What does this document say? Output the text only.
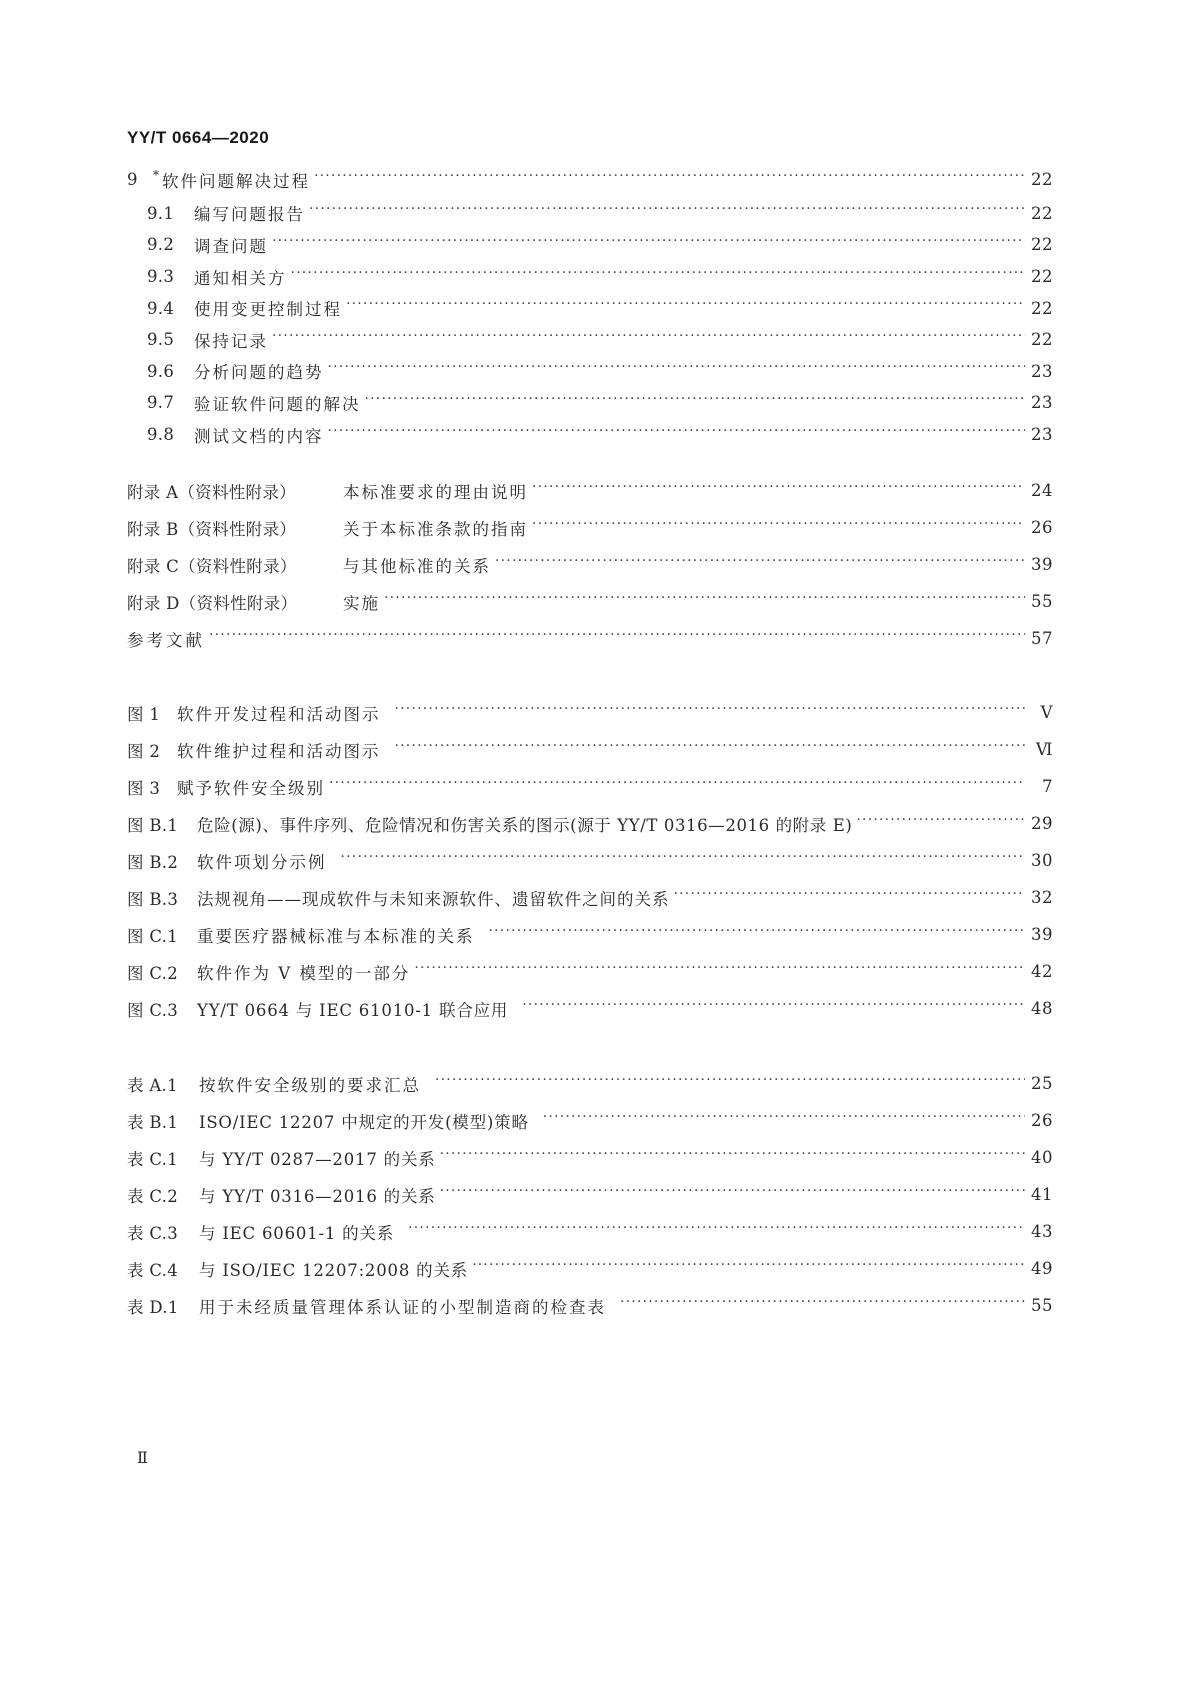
YY/T 0664—2020
9	* 软件问题解决过程 ·····	22
9.1	编写问题报告 ·····	22
9.2	调查问题 ·····	22
9.3	通知相关方 ·····	22
9.4	使用变更控制过程 ·····	22
9.5	保持记录 ·····	22
9.6	分析问题的趋势 ·····	23
9.7	验证软件问题的解决 ·····	23
9.8	测试文档的内容 ·····	23
附录 A（资料性附录）	本标准要求的理由说明 ·····	24
附录 B（资料性附录）	关于本标准条款的指南 ·····	26
附录 C（资料性附录）	与其他标准的关系 ·····	39
附录 D（资料性附录）	实施 ·····	55
参考文献 ·····	57
图 1	软件开发过程和活动图示 ·····	Ⅴ
图 2	软件维护过程和活动图示 ·····	Ⅵ
图 3	赋予软件安全级别 ·····	7
图 B.1	危险(源)、事件序列、危险情况和伤害关系的图示(源于 YY/T 0316—2016 的附录 E) ·····	29
图 B.2	软件项划分示例 ·····	30
图 B.3	法规视角——现成软件与未知来源软件、遗留软件之间的关系 ·····	32
图 C.1	重要医疗器械标准与本标准的关系 ·····	39
图 C.2	软件作为 V 模型的一部分 ·····	42
图 C.3	YY/T 0664 与 IEC 61010-1 联合应用 ·····	48
表 A.1	按软件安全级别的要求汇总 ·····	25
表 B.1	ISO/IEC 12207 中规定的开发(模型)策略 ·····	26
表 C.1	与 YY/T 0287—2017 的关系 ·····	40
表 C.2	与 YY/T 0316—2016 的关系 ·····	41
表 C.3	与 IEC 60601-1 的关系 ·····	43
表 C.4	与 ISO/IEC 12207:2008 的关系 ·····	49
表 D.1	用于未经质量管理体系认证的小型制造商的检查表 ·····	55
Ⅱ
